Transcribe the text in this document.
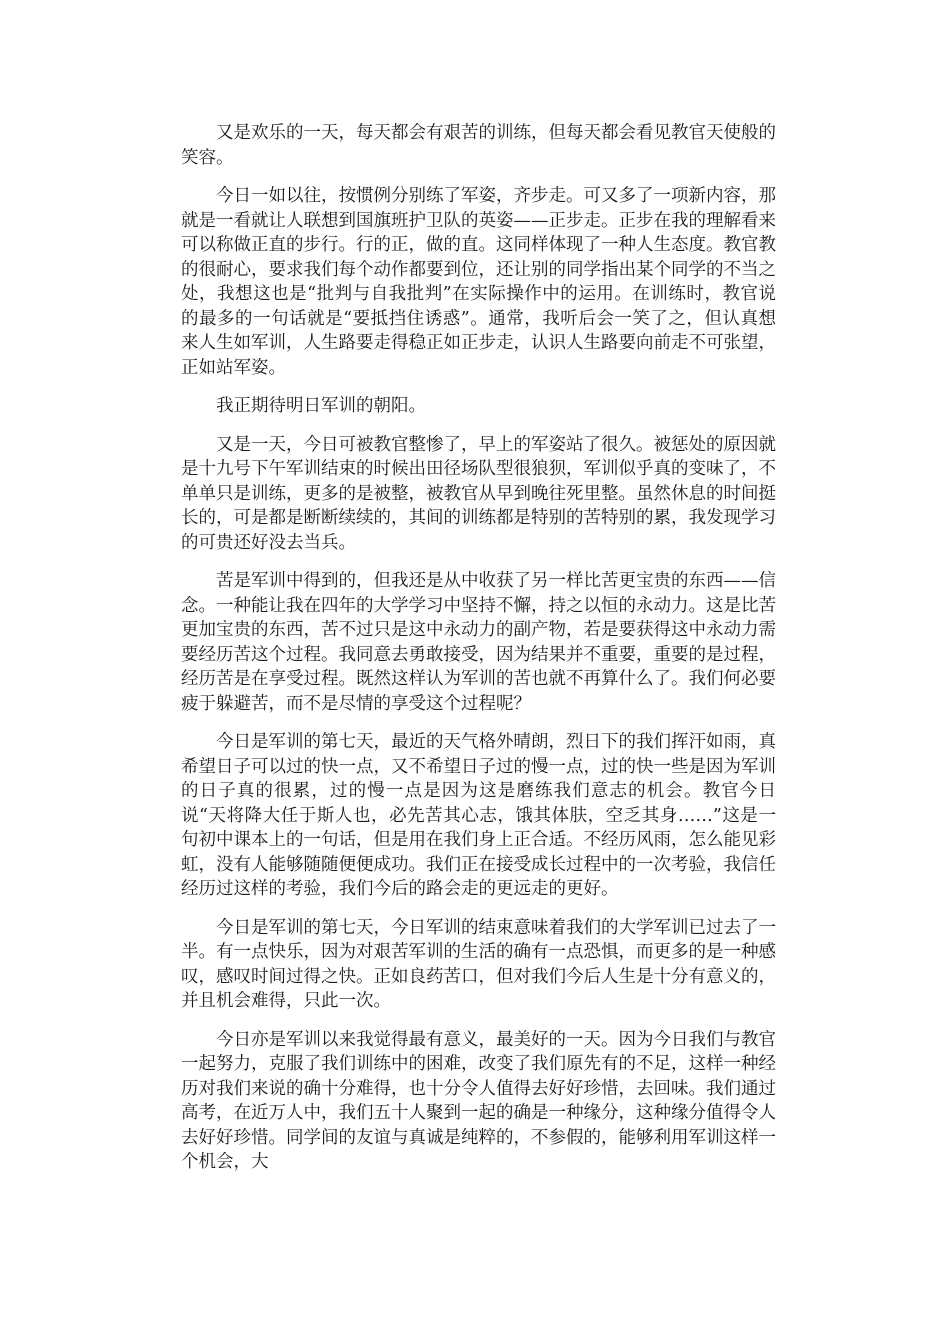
又是欢乐的一天，每天都会有艰苦的训练，但每天都会看见教官天使般的笑容。

今日一如以往，按惯例分别练了军姿，齐步走。可又多了一项新内容，那就是一看就让人联想到国旗班护卫队的英姿——正步走。正步在我的理解看来可以称做正直的步行。行的正，做的直。这同样体现了一种人生态度。教官教的很耐心，要求我们每个动作都要到位，还让别的同学指出某个同学的不当之处，我想这也是“批判与自我批判”在实际操作中的运用。在训练时，教官说的最多的一句话就是“要抵挡住诱惑”。通常，我听后会一笑了之，但认真想来人生如军训，人生路要走得稳正如正步走，认识人生路要向前走不可张望，正如站军姿。

我正期待明日军训的朝阳。

又是一天，今日可被教官整惨了，早上的军姿站了很久。被惩处的原因就是十九号下午军训结束的时候出田径场队型很狼狈，军训似乎真的变味了，不单单只是训练，更多的是被整，被教官从早到晚往死里整。虽然休息的时间挺长的，可是都是断断续续的，其间的训练都是特别的苦特别的累，我发现学习的可贵还好没去当兵。

苦是军训中得到的，但我还是从中收获了另一样比苦更宝贵的东西——信念。一种能让我在四年的大学学习中坚持不懈，持之以恒的永动力。这是比苦更加宝贵的东西，苦不过只是这中永动力的副产物，若是要获得这中永动力需要经历苦这个过程。我同意去勇敢接受，因为结果并不重要，重要的是过程，经历苦是在享受过程。既然这样认为军训的苦也就不再算什么了。我们何必要疲于躲避苦，而不是尽情的享受这个过程呢？

今日是军训的第七天，最近的天气格外晴朗，烈日下的我们挥汗如雨，真希望日子可以过的快一点，又不希望日子过的慢一点，过的快一些是因为军训的日子真的很累，过的慢一点是因为这是磨练我们意志的机会。教官今日说“天将降大任于斯人也，必先苦其心志，饿其体肤，空乏其身……”这是一句初中课本上的一句话，但是用在我们身上正合适。不经历风雨，怎么能见彩虹，没有人能够随随便便成功。我们正在接受成长过程中的一次考验，我信任经历过这样的考验，我们今后的路会走的更远走的更好。

今日是军训的第七天，今日军训的结束意味着我们的大学军训已过去了一半。有一点快乐，因为对艰苦军训的生活的确有一点恐惧，而更多的是一种感叹，感叹时间过得之快。正如良药苦口，但对我们今后人生是十分有意义的，并且机会难得，只此一次。

今日亦是军训以来我觉得最有意义，最美好的一天。因为今日我们与教官一起努力，克服了我们训练中的困难，改变了我们原先有的不足，这样一种经历对我们来说的确十分难得，也十分令人值得去好好珍惜，去回味。我们通过高考，在近万人中，我们五十人聚到一起的确是一种缘分，这种缘分值得令人去好好珍惜。同学间的友谊与真诚是纯粹的，不参假的，能够利用军训这样一个机会，大
